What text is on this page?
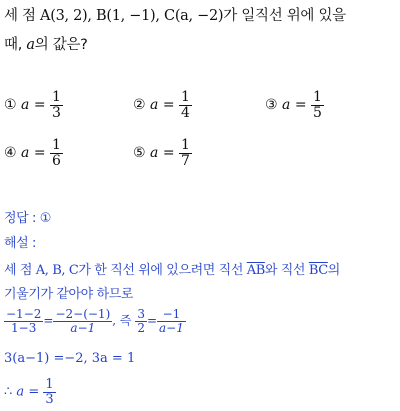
세 점 A(3, 2), B(1, −1), C(a, −2)가 일직선 위에 있을
때, a의 값은?
① $a = \frac{1}{3}$	② $a = \frac{1}{4}$	③ $a = \frac{1}{5}$
④ $a = \frac{1}{6}$	⑤ $a = \frac{1}{7}$
정답 : ①
해설 :
세 점 A, B, C가 한 직선 위에 있으려면 직선 $\overline{AB}$와 직선 $\overline{BC}$의
기울기가 같아야 하므로
$\frac{-1-2}{1-3} = \frac{-2-(-1)}{a-1}$ , 즉 $\frac{3}{2} = \frac{-1}{a-1}$
3(a−1) =−2, 3a = 1
∴ $a = \frac{1}{3}$
